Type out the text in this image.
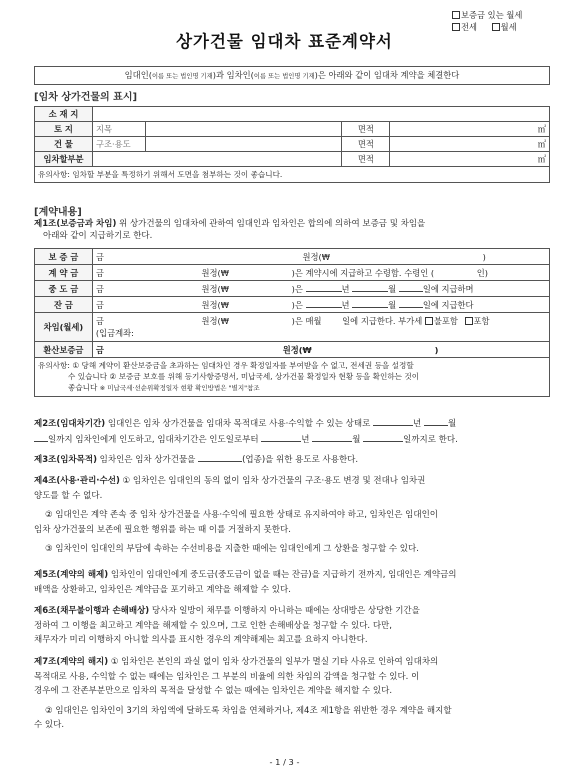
보증금 있는 월세
전세	월세
상가건물 임대차 표준계약서
임대인(이름 또는 법인명 기재)과 임차인(이름 또는 법인명 기재)은 아래와 같이 임대차 계약을 체결한다
[임차 상가건물의 표시]
소 재 지				
토 지	지목		면적	㎡
건 물	구조·용도		면적	㎡
임차할부분			면적	㎡
유의사항: 임차할 부분을 특정하기 위해서 도면을 첨부하는 것이 좋습니다.				
[계약내용]
제1조(보증금과 차임) 위 상가건물의 임대차에 관하여 임대인과 임차인은 합의에 의하여 보증금 및 차임을
아래와 같이 지급하기로 한다.
보 증 금	금 원정(₩ )
계 약 금	금 원정(₩ )은 계약시에 지급하고 수령함. 수령인 ( 인)
중 도 금	금 원정(₩ )은 년 월 일에 지급하며
잔 금	금 원정(₩ )은 년 월 일에 지급한다
차임(월세)	금 원정(₩ )은 매월 일에 지급한다. 부가세 불포함 포함
(입금계좌:

환산보증금	금 원정(₩ )

유의사항: ① 당해 계약이 환산보증금을 초과하는 임대차인 경우 확정일자를 부여받을 수 없고, 전세권 등을 설정할
수 있습니다 ② 보증금 보호를 위해 등기사항증명서, 미납국세, 상가건물 확정일자 현황 등을 확인하는 것이
좋습니다 ※ 미납국세·선순위확정일자 현황 확인방법은 "별지"참조	

제2조(임대차기간) 임대인은 임차 상가건물을 임대차 목적대로 사용·수익할 수 있는 상태로	년	월

일까지 임차인에게 인도하고, 임대차기간은 인도일로부터	년	월	일까지로 한다.

제3조(임차목적) 임차인은 임차 상가건물을	(업종)을 위한 용도로 사용한다.

제4조(사용·관리·수선) ① 임차인은 임대인의 동의 없이 임차 상가건물의 구조·용도 변경 및 전대나 임차권

양도를 할 수 없다.

② 임대인은 계약 존속 중 임차 상가건물을 사용·수익에 필요한 상태로 유지하여야 하고, 임차인은 임대인이

임차 상가건물의 보존에 필요한 행위를 하는 때 이를 거절하지 못한다.

③ 임차인이 임대인의 부담에 속하는 수선비용을 지출한 때에는 임대인에게 그 상환을 청구할 수 있다.

제5조(계약의 해제) 임차인이 임대인에게 중도금(중도금이 없을 때는 잔금)을 지급하기 전까지, 임대인은 계약금의

배액을 상환하고, 임차인은 계약금을 포기하고 계약을 해제할 수 있다.

제6조(채무불이행과 손해배상) 당사자 일방이 채무를 이행하지 아니하는 때에는 상대방은 상당한 기간을

정하여 그 이행을 최고하고 계약을 해제할 수 있으며, 그로 인한 손해배상을 청구할 수 있다. 다만,

채무자가 미리 이행하지 아니할 의사를 표시한 경우의 계약해제는 최고를 요하지 아니한다.

제7조(계약의 해지) ① 임차인은 본인의 과실 없이 임차 상가건물의 일부가 멸실 기타 사유로 인하여 임대차의

목적대로 사용, 수익할 수 없는 때에는 임차인은 그 부분의 비율에 의한 차임의 감액을 청구할 수 있다. 이

경우에 그 잔존부분만으로 임차의 목적을 달성할 수 없는 때에는 임차인은 계약을 해지할 수 있다.

② 임대인은 임차인이 3기의 차임액에 달하도록 차임을 연체하거나, 제4조 제1항을 위반한 경우 계약을 해지할

수 있다.

- 1 / 3 -
